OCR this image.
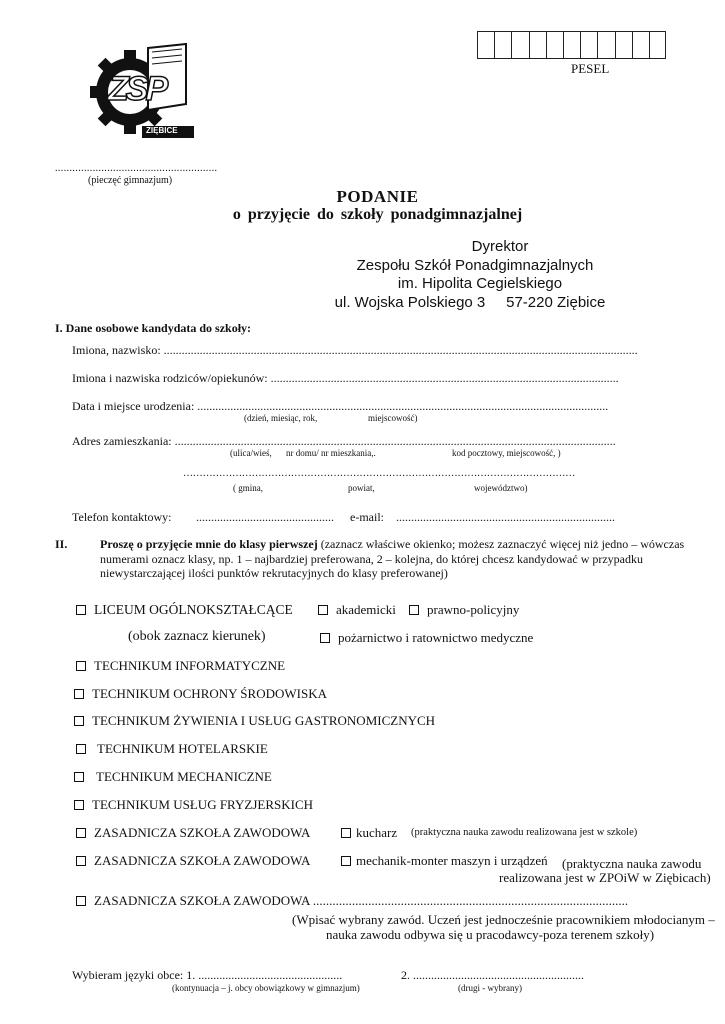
ZSP
ZIĘBICE
PESEL
........................................................
(pieczęć gimnazjum)
PODANIE
o przyjęcie do szkoły ponadgimnazjalnej
Dyrektor
Zespołu Szkół Ponadgimnazjalnych
im. Hipolita Cegielskiego
ul. Wojska Polskiego 3     57-220 Ziębice
I. Dane osobowe kandydata do szkoły:
Imiona, nazwisko: ..............................................................................................................................................................
Imiona i nazwiska rodziców/opiekunów: ....................................................................................................................
Data i miejsce urodzenia: .........................................................................................................................................
(dzień, miesiąc, rok,	miejscowość)
Adres zamieszkania: ...................................................................................................................................................
(ulica/wieś, nr domu/ nr mieszkania,.	kod pocztowy, miejscowość, )
…………………………………………………………………………………………………………
( gmina,	powiat,	województwo)
Telefon kontaktowy: .............................................. e-mail: .........................................................................
II.	Proszę o przyjęcie mnie do klasy pierwszej (zaznacz właściwe okienko; możesz zaznaczyć więcej niż jedno – wówczas numerami oznacz klasy, np. 1 – najbardziej preferowana, 2 – kolejna, do której chcesz kandydować w przypadku niewystarczającej ilości punktów rekrutacyjnych do klasy preferowanej)
LICEUM OGÓLNOKSZTAŁCĄCE	akademicki	prawno-policyjny
(obok zaznacz kierunek)	pożarnictwo i ratownictwo medyczne
TECHNIKUM INFORMATYCZNE
TECHNIKUM OCHRONY ŚRODOWISKA
TECHNIKUM ŻYWIENIA I USŁUG GASTRONOMICZNYCH
TECHNIKUM HOTELARSKIE
TECHNIKUM MECHANICZNE
TECHNIKUM USŁUG FRYZJERSKICH
ZASADNICZA SZKOŁA ZAWODOWA	kucharz (praktyczna nauka zawodu realizowana jest w szkole)
ZASADNICZA SZKOŁA ZAWODOWA	mechanik-monter maszyn i urządzeń (praktyczna nauka zawodu
realizowana jest w ZPOiW w Ziębicach)
ZASADNICZA SZKOŁA ZAWODOWA .................................................................................................
(Wpisać wybrany zawód. Uczeń jest jednocześnie pracownikiem młodocianym –
nauka zawodu odbywa się u pracodawcy-poza terenem szkoły)
Wybieram języki obce: 1. ................................................	2. .........................................................
(kontynuacja – j. obcy obowiązkowy w gimnazjum)	(drugi - wybrany)
